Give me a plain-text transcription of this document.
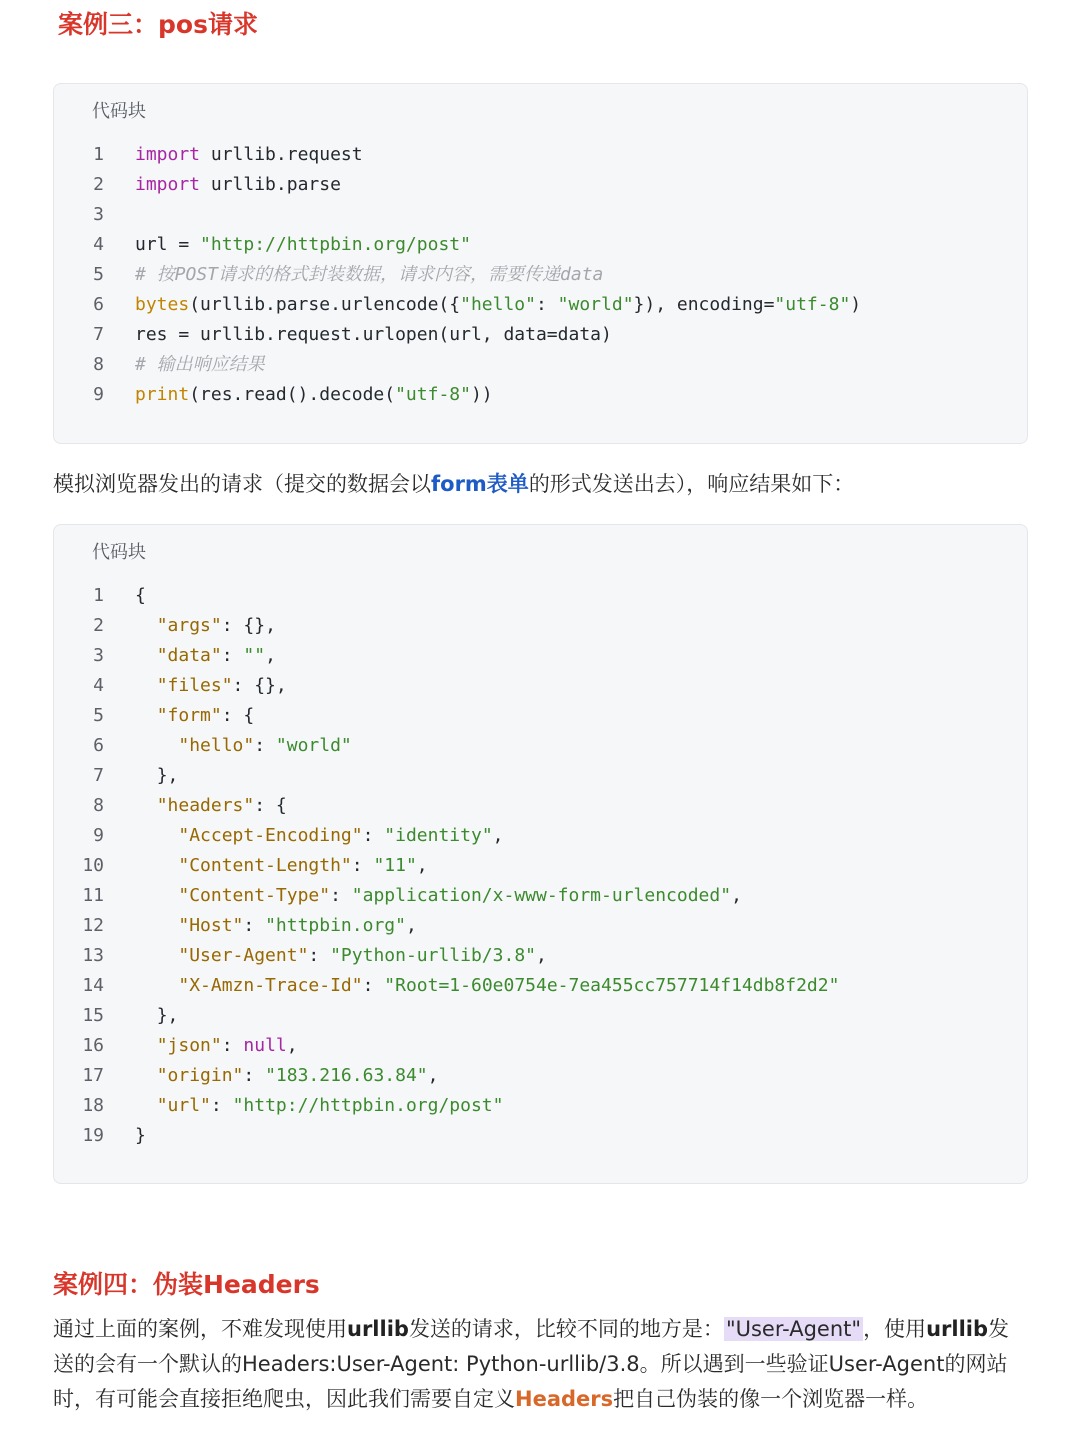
案例三：pos请求
代码块
1 import urllib.request
2 import urllib.parse
3
4 url = "http://httpbin.org/post"
5 # 按POST请求的格式封装数据，请求内容，需要传递data
6 bytes(urllib.parse.urlencode({"hello": "world"}), encoding="utf-8")
7 res = urllib.request.urlopen(url, data=data)
8 # 输出响应结果
9 print(res.read().decode("utf-8"))

模拟浏览器发出的请求（提交的数据会以form表单的形式发送出去），响应结果如下：

代码块
1 {
2	"args": {},
3	"data": "",
4	"files": {},
5	"form": {
6	"hello": "world"
7	},
8	"headers": {
9	"Accept-Encoding": "identity",
10	"Content-Length": "11",
11	"Content-Type": "application/x-www-form-urlencoded",
12	"Host": "httpbin.org",
13	"User-Agent": "Python-urllib/3.8",
14	"X-Amzn-Trace-Id": "Root=1-60e0754e-7ea455cc757714f14db8f2d2"
15	},
16	"json": null,
17	"origin": "183.216.63.84",
18	"url": "http://httpbin.org/post"
19 }
案例四：伪装Headers

通过上面的案例，不难发现使用urllib发送的请求，比较不同的地方是："User-Agent"，使用urllib发送的会有一个默认的Headers:User-Agent: Python-urllib/3.8。所以遇到一些验证User-Agent的网站时，有可能会直接拒绝爬虫，因此我们需要自定义Headers把自己伪装的像一个浏览器一样。
